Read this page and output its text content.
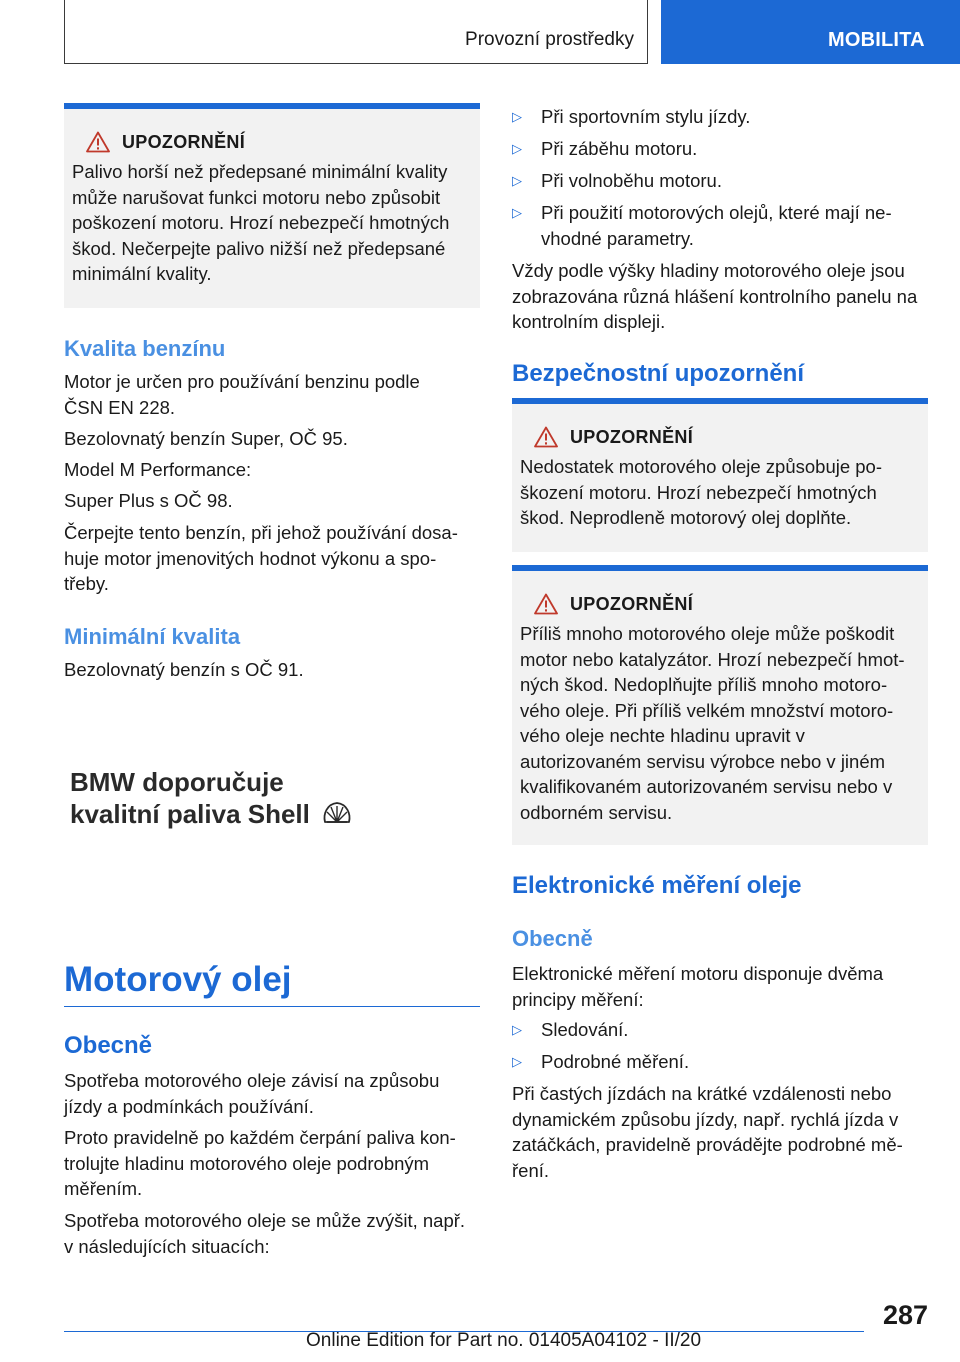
Provozní prostředky	MOBILITA
UPOZORNĚNÍ

Palivo horší než předepsané minimální kvality

může narušovat funkci motoru nebo způsobit

poškození motoru. Hrozí nebezpečí hmotných

škod. Nečerpejte palivo nižší než předepsané

minimální kvality.

Kvalita benzínu

Motor je určen pro používání benzinu podle

ČSN EN 228.

Bezolovnatý benzín Super, OČ 95.

Model M Performance:

Super Plus s OČ 98.

Čerpejte tento benzín, při jehož používání dosa-

huje motor jmenovitých hodnot výkonu a spo-

třeby.

Minimální kvalita

Bezolovnatý benzín s OČ 91.

Motorový olej
Obecně

Spotřeba motorového oleje závisí na způsobu

jízdy a podmínkách používání.

Proto pravidelně po každém čerpání paliva kon-

trolujte hladinu motorového oleje podrobným

měřením.

Spotřeba motorového oleje se může zvýšit, např.

v následujících situacích:

BMW doporučuje
kvalitní paliva Shell
▷	Při sportovním stylu jízdy.

▷	Při záběhu motoru.

▷	Při volnoběhu motoru.

▷	Při použití motorových olejů, které mají ne-

vhodné parametry.

Vždy podle výšky hladiny motorového oleje jsou

zobrazována různá hlášení kontrolního panelu na

kontrolním displeji.

Bezpečnostní upozornění
UPOZORNĚNÍ

Nedostatek motorového oleje způsobuje po-

škození motoru. Hrozí nebezpečí hmotných

škod. Neprodleně motorový olej doplňte.

UPOZORNĚNÍ

Příliš mnoho motorového oleje může poškodit

motor nebo katalyzátor. Hrozí nebezpečí hmot-

ných škod. Nedoplňujte příliš mnoho motoro-

vého oleje. Při příliš velkém množství motoro-

vého oleje nechte hladinu upravit v

autorizovaném servisu výrobce nebo v jiném

kvalifikovaném autorizovaném servisu nebo v

odborném servisu.

Elektronické měření oleje
Obecně

Elektronické měření motoru disponuje dvěma

principy měření:

▷	Sledování.

▷	Podrobné měření.

Při častých jízdách na krátké vzdálenosti nebo

dynamickém způsobu jízdy, např. rychlá jízda v

zatáčkách, pravidelně provádějte podrobné mě-

ření.

287
Online Edition for Part no. 01405A04102 - II/20
